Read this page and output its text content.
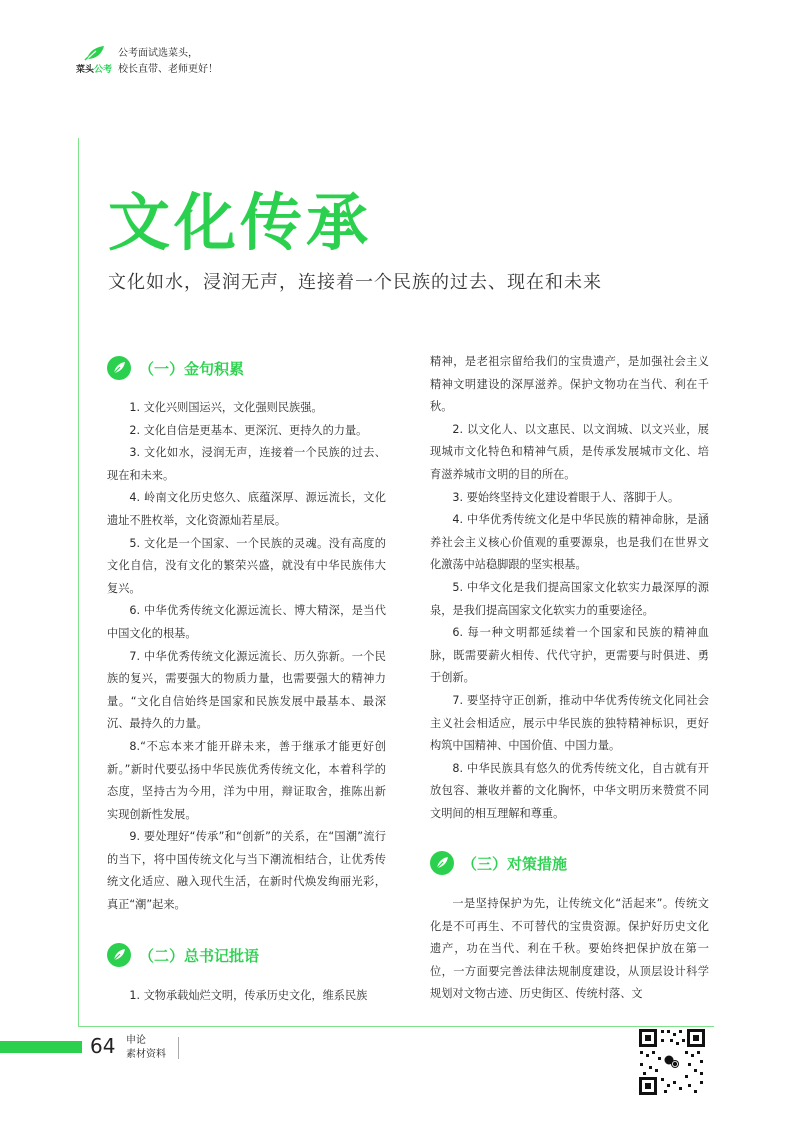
菜头公考
公考面试选菜头，
校长直带、老师更好！
文化传承
文化如水，浸润无声，连接着一个民族的过去、现在和未来
（一）金句积累

1. 文化兴则国运兴，文化强则民族强。

2. 文化自信是更基本、更深沉、更持久的力量。

3. 文化如水，浸润无声，连接着一个民族的过去、现在和未来。

4. 岭南文化历史悠久、底蕴深厚、源远流长，文化遗址不胜枚举，文化资源灿若星辰。

5. 文化是一个国家、一个民族的灵魂。没有高度的文化自信，没有文化的繁荣兴盛，就没有中华民族伟大复兴。

6. 中华优秀传统文化源远流长、博大精深，是当代中国文化的根基。

7. 中华优秀传统文化源远流长、历久弥新。一个民族的复兴，需要强大的物质力量，也需要强大的精神力量。“文化自信始终是国家和民族发展中最基本、最深沉、最持久的力量。

8.“不忘本来才能开辟未来，善于继承才能更好创新。”新时代要弘扬中华民族优秀传统文化，本着科学的态度，坚持古为今用，洋为中用，辩证取舍，推陈出新实现创新性发展。

9. 要处理好“传承”和“创新”的关系，在“国潮”流行的当下，将中国传统文化与当下潮流相结合，让优秀传统文化适应、融入现代生活，在新时代焕发绚丽光彩，真正“潮”起来。

（二）总书记批语

1. 文物承载灿烂文明，传承历史文化，维系民族

精神，是老祖宗留给我们的宝贵遗产，是加强社会主义精神文明建设的深厚滋养。保护文物功在当代、利在千秋。

2. 以文化人、以文惠民、以文润城、以文兴业，展现城市文化特色和精神气质，是传承发展城市文化、培育滋养城市文明的目的所在。

3. 要始终坚持文化建设着眼于人、落脚于人。

4. 中华优秀传统文化是中华民族的精神命脉，是涵养社会主义核心价值观的重要源泉，也是我们在世界文化激荡中站稳脚跟的坚实根基。

5. 中华文化是我们提高国家文化软实力最深厚的源泉，是我们提高国家文化软实力的重要途径。

6. 每一种文明都延续着一个国家和民族的精神血脉，既需要薪火相传、代代守护，更需要与时俱进、勇于创新。

7. 要坚持守正创新，推动中华优秀传统文化同社会主义社会相适应，展示中华民族的独特精神标识，更好构筑中国精神、中国价值、中国力量。

8. 中华民族具有悠久的优秀传统文化，自古就有开放包容、兼收并蓄的文化胸怀，中华文明历来赞赏不同文明间的相互理解和尊重。

（三）对策措施

一是坚持保护为先，让传统文化“活起来”。传统文化是不可再生、不可替代的宝贵资源。保护好历史文化遗产，功在当代、利在千秋。要始终把保护放在第一位，一方面要完善法律法规制度建设，从顶层设计科学规划对文物古迹、历史街区、传统村落、文

64 申论
素材资料
